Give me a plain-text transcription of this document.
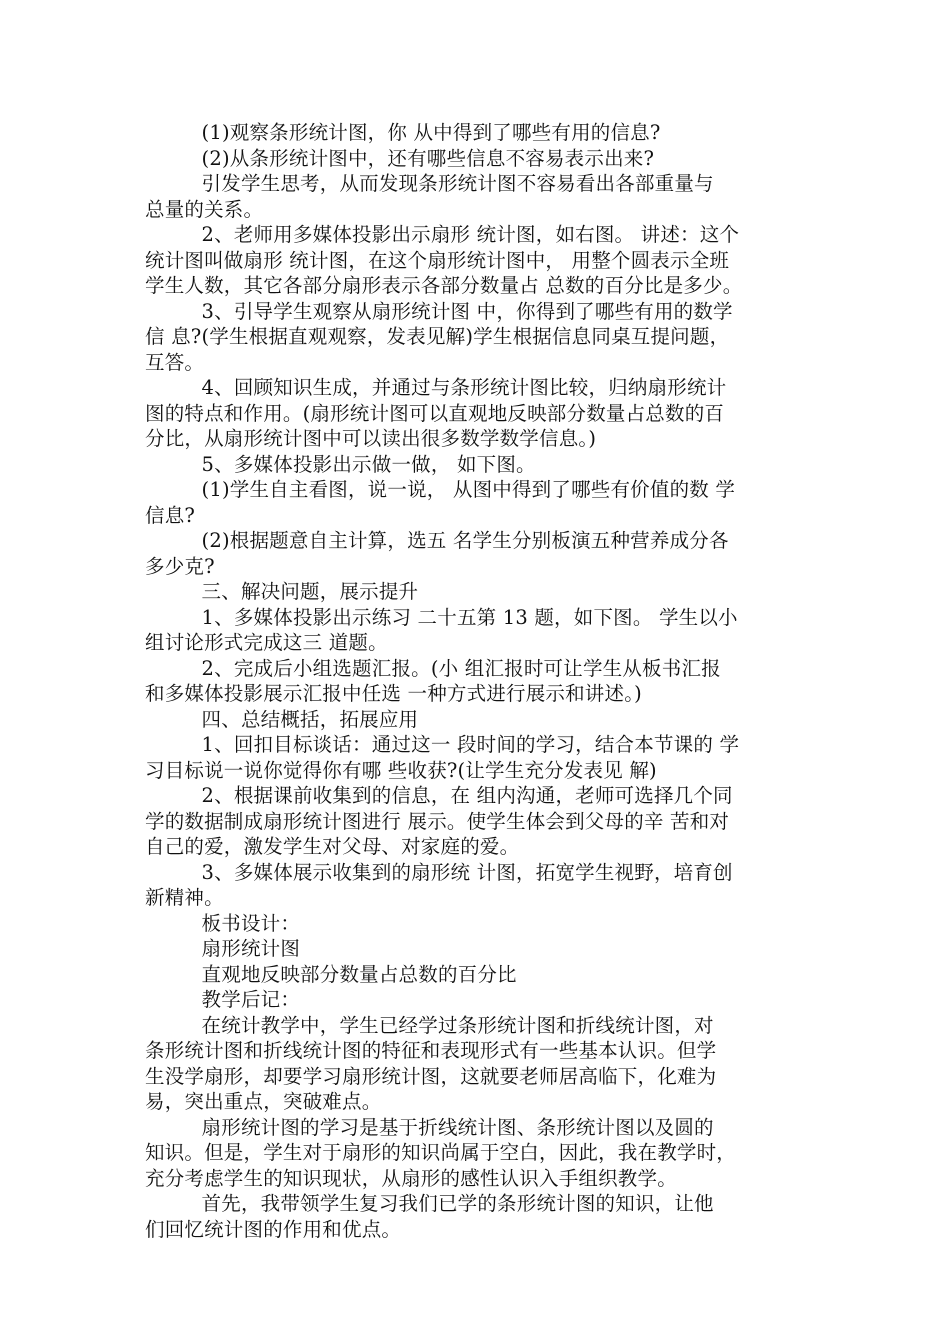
(1)观察条形统计图，你 从中得到了哪些有用的信息?

(2)从条形统计图中，还有哪些信息不容易表示出来?

引发学生思考，从而发现条形统计图不容易看出各部重量与
总量的关系。

2、老师用多媒体投影出示扇形 统计图，如右图。 讲述：这个
统计图叫做扇形 统计图，在这个扇形统计图中， 用整个圆表示全班
学生人数，其它各部分扇形表示各部分数量占 总数的百分比是多少。

3、引导学生观察从扇形统计图 中，你得到了哪些有用的数学
信 息?(学生根据直观观察，发表见解)学生根据信息同桌互提问题，
互答。

4、回顾知识生成，并通过与条形统计图比较，归纳扇形统计
图的特点和作用。(扇形统计图可以直观地反映部分数量占总数的百
分比，从扇形统计图中可以读出很多数学数学信息。)

5、多媒体投影出示做一做， 如下图。

(1)学生自主看图，说一说， 从图中得到了哪些有价值的数 学
信息?

(2)根据题意自主计算，选五 名学生分别板演五种营养成分各
多少克?

三、解决问题，展示提升

1、多媒体投影出示练习 二十五第 13 题，如下图。 学生以小
组讨论形式完成这三 道题。

2、完成后小组选题汇报。(小 组汇报时可让学生从板书汇报
和多媒体投影展示汇报中任选 一种方式进行展示和讲述。)

四、总结概括，拓展应用

1、回扣目标谈话：通过这一 段时间的学习，结合本节课的 学
习目标说一说你觉得你有哪 些收获?(让学生充分发表见 解)

2、根据课前收集到的信息，在 组内沟通，老师可选择几个同
学的数据制成扇形统计图进行 展示。使学生体会到父母的辛 苦和对
自己的爱，激发学生对父母、对家庭的爱。

3、多媒体展示收集到的扇形统 计图，拓宽学生视野，培育创
新精神。

板书设计：

扇形统计图

直观地反映部分数量占总数的百分比

教学后记：

在统计教学中，学生已经学过条形统计图和折线统计图，对
条形统计图和折线统计图的特征和表现形式有一些基本认识。但学
生没学扇形，却要学习扇形统计图，这就要老师居高临下，化难为
易，突出重点，突破难点。

扇形统计图的学习是基于折线统计图、条形统计图以及圆的
知识。但是，学生对于扇形的知识尚属于空白，因此，我在教学时，
充分考虑学生的知识现状，从扇形的感性认识入手组织教学。

首先，我带领学生复习我们已学的条形统计图的知识，让他
们回忆统计图的作用和优点。
